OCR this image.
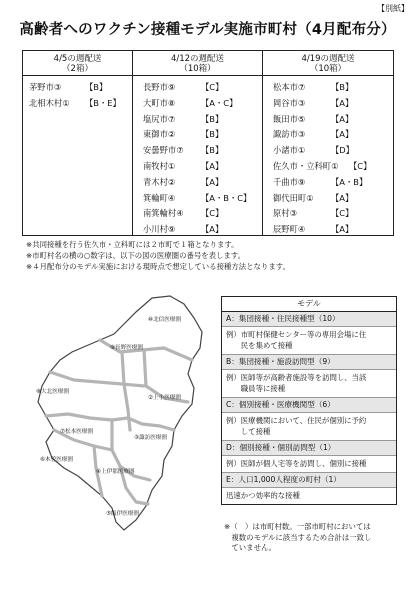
【別紙】
高齢者へのワクチン接種モデル実施市町村（4月配布分）
4/5の週配送
（2箱）
茅野市③	【B】
北相木村①	【B・E】
4/12の週配送
（10箱）
長野市⑨	【C】
大町市⑧	【A・C】
塩尻市⑦	【B】
東御市②	【B】
安曇野市⑦	【B】
南牧村①	【A】
青木村②	【A】
箕輪町④	【A・B・C】
南箕輪村④	【C】
小川村⑨	【A】
4/19の週配送
（10箱）
松本市⑦	【B】
岡谷市③	【A】
飯田市⑤	【A】
諏訪市③	【A】
小諸市①	【D】
佐久市・立科町①	【C】
千曲市⑨	【A・B】
御代田町①	【A】
原村③	【C】
辰野町④	【A】
※共同接種を行う佐久市・立科町には２市町で１箱となります。
※市町村名の横の○数字は、以下の図の医療圏の番号を表します。
※４月配布分のモデル実施における現時点で想定している接種方法となります。
⑩北信医療圏
⑨長野医療圏
⑧大北医療圏
②上小医療圏
⑦松本医療圏
③諏訪医療圏
⑥木曽医療圏
④上伊那医療圏
⑤飯伊医療圏
モデル
A：集団接種・住民接種型（10）
例）市町村保健センター等の専用会場に住
　　民を集めて接種
B：集団接種・施設訪問型（9）
例）医師等が高齢者施設等を訪問し、当該
　　職員等に接種
C：個別接種・医療機関型（6）
例）医療機関において、住民が個別に予約
　　して接種
D：個別接種・個別訪問型（1）
例）医師が個人宅等を訪問し、個別に接種
E：人口1,000人程度の町村（1）
迅速かつ効率的な接種
※（　）は市町村数。一部市町村においては
　複数のモデルに該当するため合計は一致し
　ていません。
